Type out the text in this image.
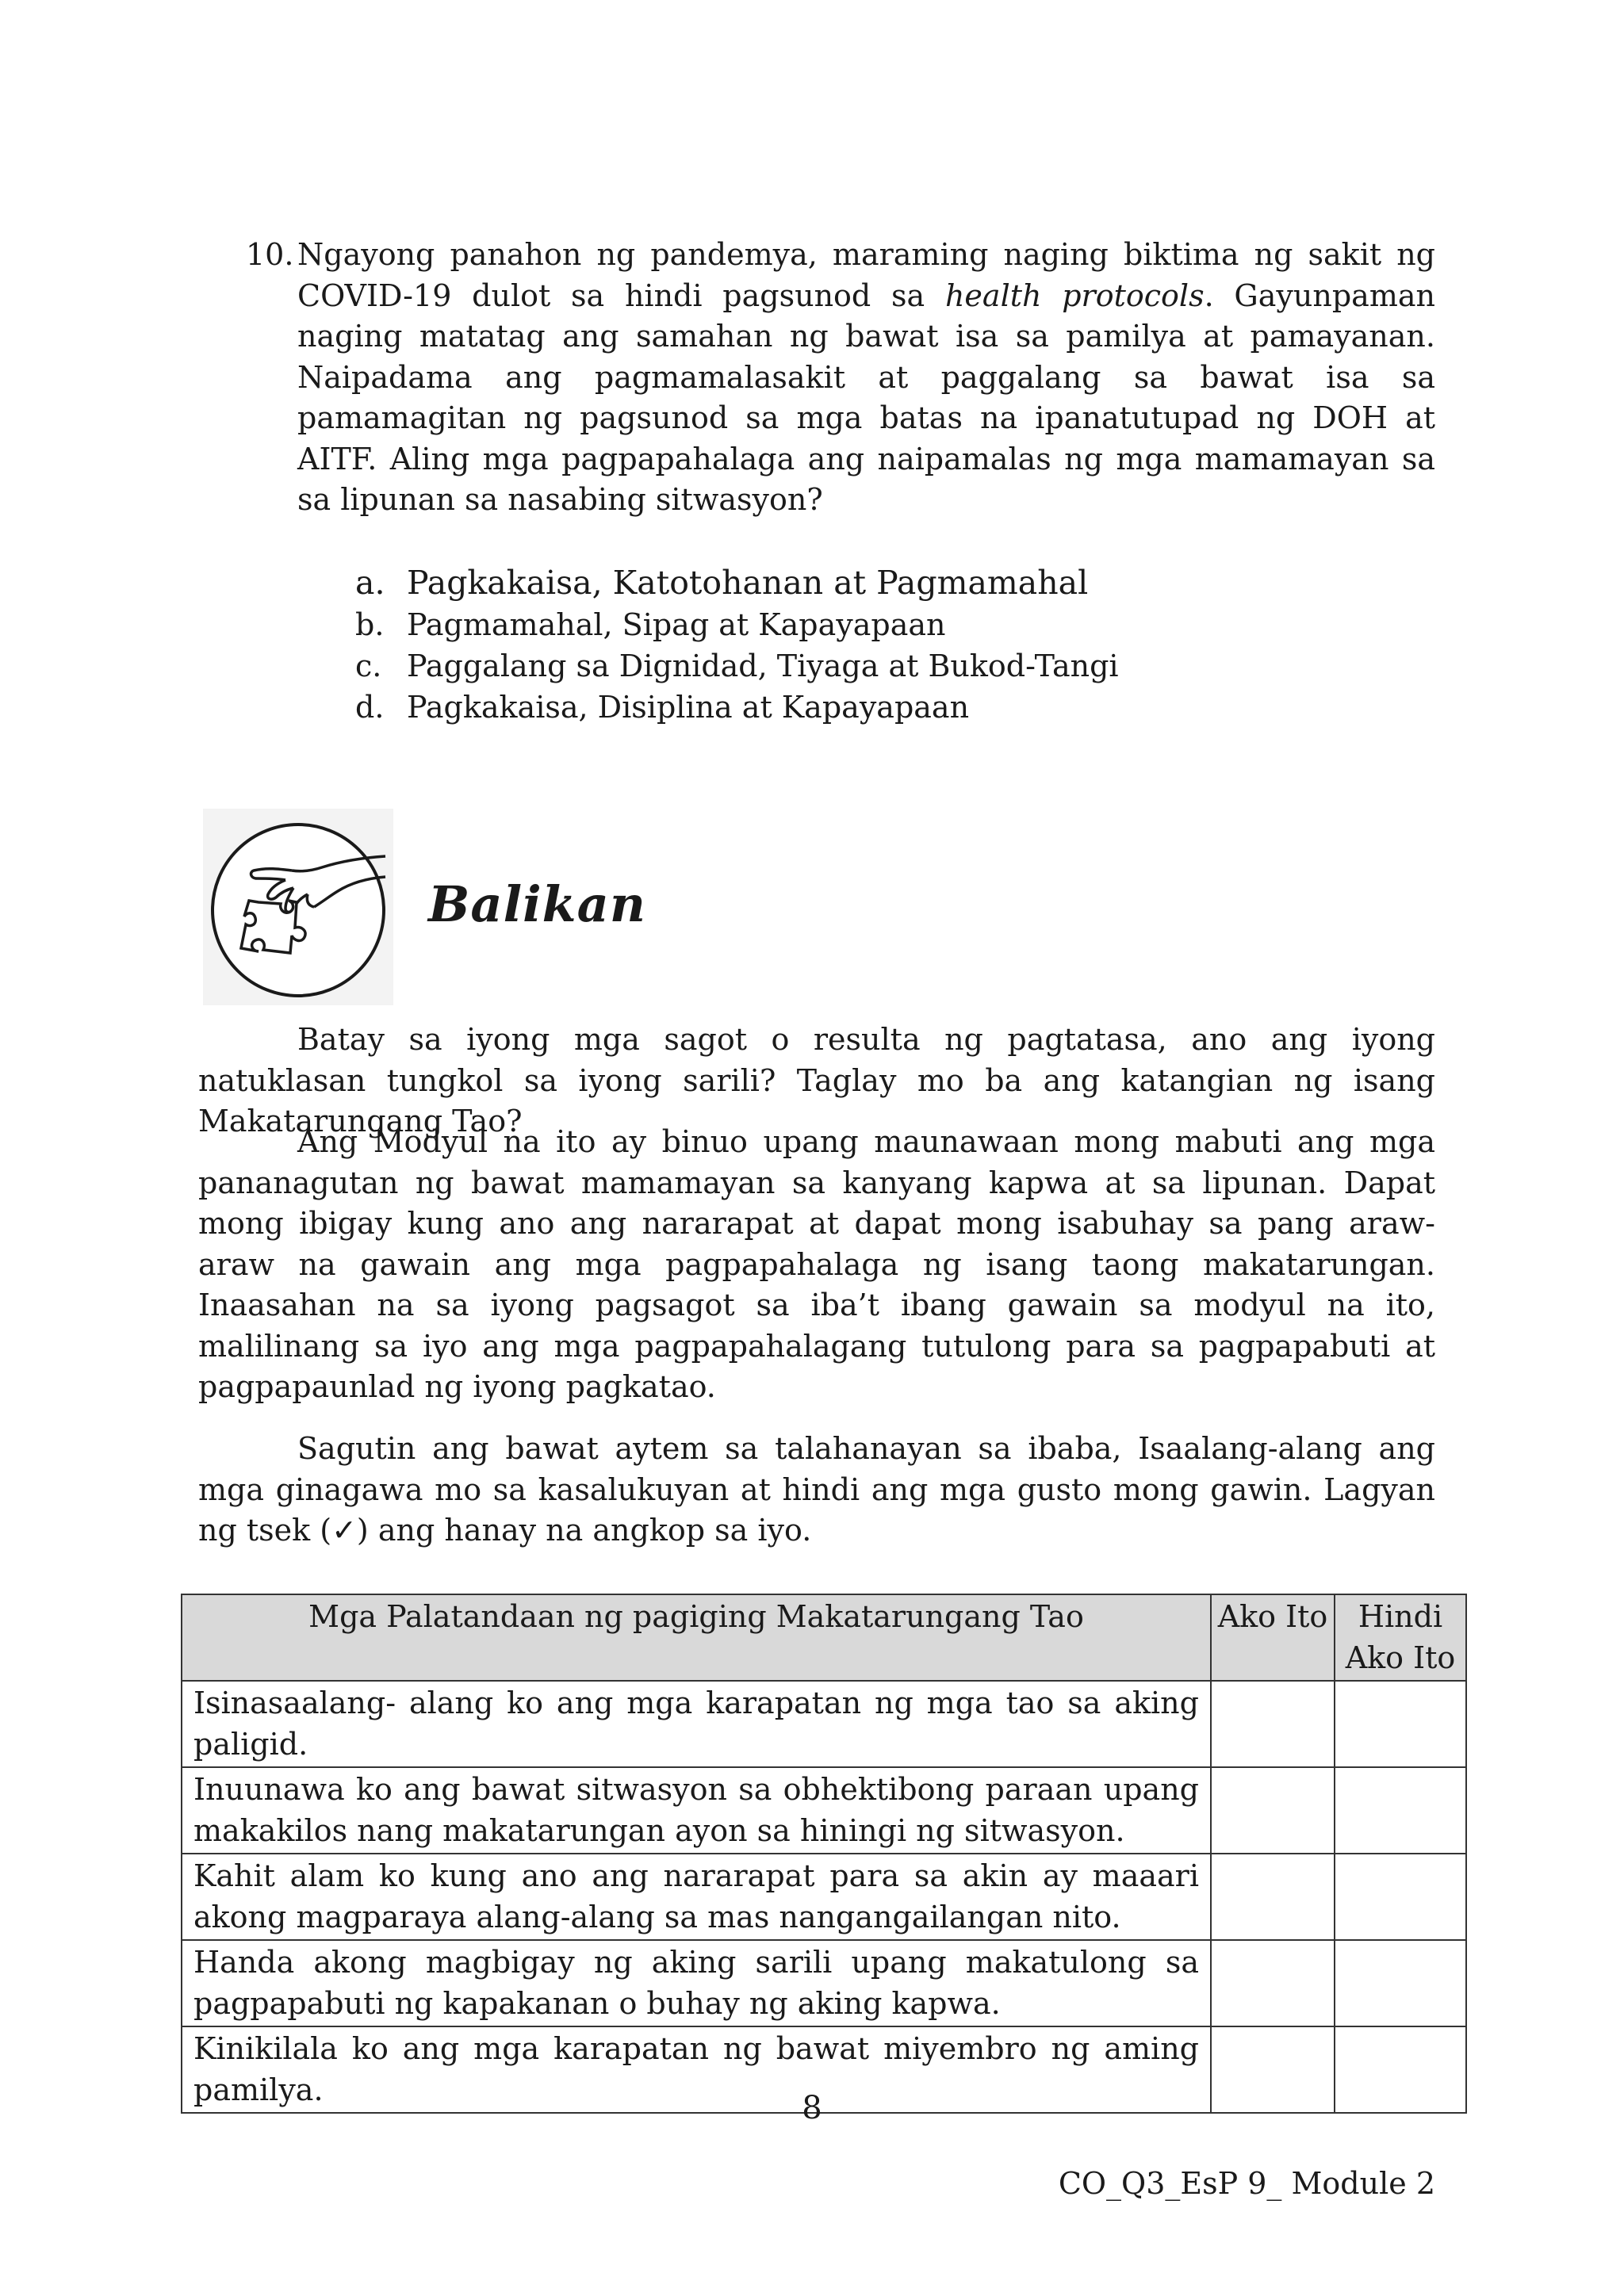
10. Ngayong panahon ng pandemya, maraming naging biktima ng sakit ng COVID-19 dulot sa hindi pagsunod sa health protocols. Gayunpaman naging matatag ang samahan ng bawat isa sa pamilya at pamayanan. Naipadama ang pagmamalasakit at paggalang sa bawat isa sa pamamagitan ng pagsunod sa mga batas na ipanatutupad ng DOH at AITF. Aling mga pagpapahalaga ang naipamalas ng mga mamamayan sa sa lipunan sa nasabing sitwasyon?
a. Pagkakaisa, Katotohanan at Pagmamahal
b. Pagmamahal, Sipag at Kapayapaan
c. Paggalang sa Dignidad, Tiyaga at Bukod-Tangi
d. Pagkakaisa, Disiplina at Kapayapaan
Balikan

Batay sa iyong mga sagot o resulta ng pagtatasa, ano ang iyong natuklasan tungkol sa iyong sarili? Taglay mo ba ang katangian ng isang Makatarungang Tao?

Ang Modyul na ito ay binuo upang maunawaan mong mabuti ang mga pananagutan ng bawat mamamayan sa kanyang kapwa at sa lipunan. Dapat mong ibigay kung ano ang nararapat at dapat mong isabuhay sa pang araw-araw na gawain ang mga pagpapahalaga ng isang taong makatarungan. Inaasahan na sa iyong pagsagot sa iba’t ibang gawain sa modyul na ito, malilinang sa iyo ang mga pagpapahalagang tutulong para sa pagpapabuti at pagpapaunlad ng iyong pagkatao.

Sagutin ang bawat aytem sa talahanayan sa ibaba, Isaalang-alang ang mga ginagawa mo sa kasalukuyan at hindi ang mga gusto mong gawin. Lagyan ng tsek (✓) ang hanay na angkop sa iyo.

Mga Palatandaan ng pagiging Makatarungang Tao	Ako Ito	Hindi Ako Ito
Isinasaalang- alang ko ang mga karapatan ng mga tao sa aking paligid.		
Inuunawa ko ang bawat sitwasyon sa obhektibong paraan upang makakilos nang makatarungan ayon sa hiningi ng sitwasyon.		
Kahit alam ko kung ano ang nararapat para sa akin ay maaari akong magparaya alang-alang sa mas nangangailangan nito.		
Handa akong magbigay ng aking sarili upang makatulong sa pagpapabuti ng kapakanan o buhay ng aking kapwa.		
Kinikilala ko ang mga karapatan ng bawat miyembro ng aming pamilya.		
8
CO_Q3_EsP 9_ Module 2
